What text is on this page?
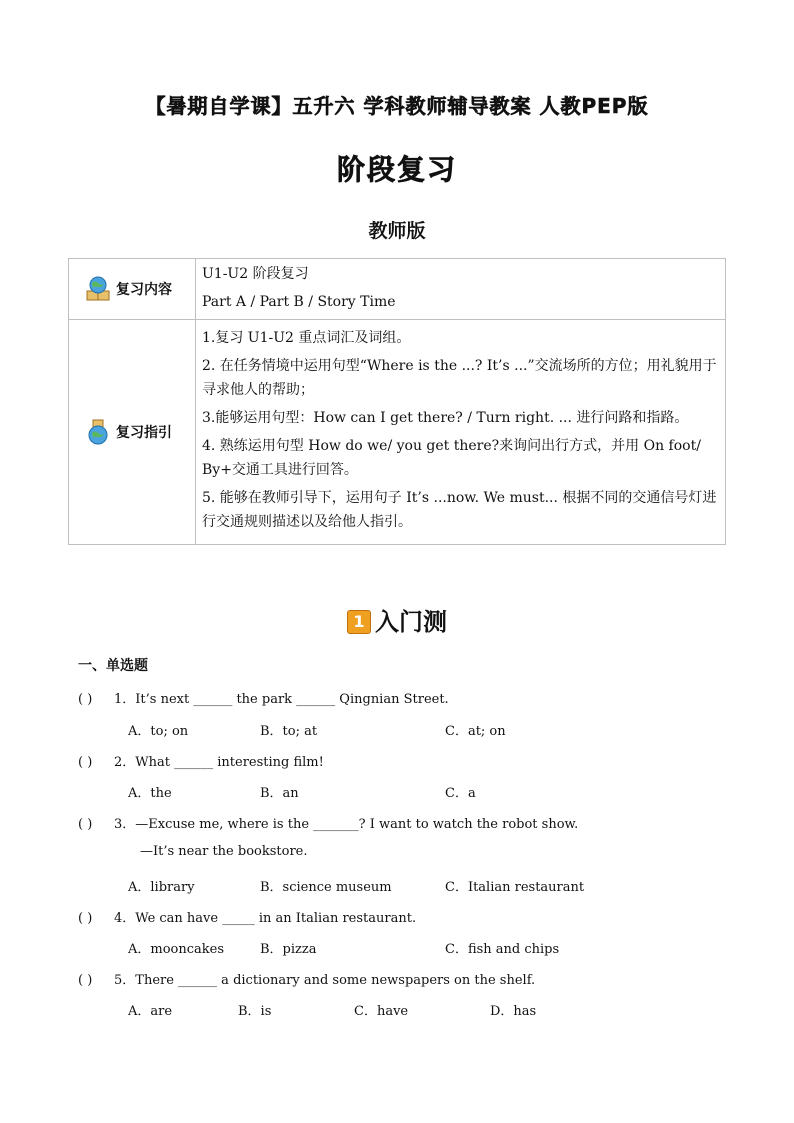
【暑期自学课】五升六 学科教师辅导教案 人教PEP版
阶段复习
教师版
复习内容	U1-U2 阶段复习

Part A / Part B / Story Time

复习指引	1.复习 U1-U2 重点词汇及词组。

2. 在任务情境中运用句型“Where is the ...? It’s ...”交流场所的方位；用礼貌用于寻求他人的帮助；

3.能够运用句型：How can I get there? / Turn right. ... 进行问路和指路。

4. 熟练运用句型 How do we/ you get there?来询问出行方式，并用 On foot/ By+交通工具进行回答。

5. 能够在教师引导下，运用句子 It’s ...now. We must... 根据不同的交通信号灯进行交通规则描述以及给他人指引。

1 入门测
一、单选题
( ) 1．It’s next ______ the park ______ Qingnian Street.
A．to; on	B．to; at	C．at; on
( ) 2．What ______ interesting film!
A．the	B．an	C．a
( ) 3．—Excuse me, where is the _______? I want to watch the robot show.
—It’s near the bookstore.
A．library	B．science museum	C．Italian restaurant
( ) 4．We can have _____ in an Italian restaurant.
A．mooncakes	B．pizza	C．fish and chips
( ) 5．There ______ a dictionary and some newspapers on the shelf.
A．are	B．is	C．have	D．has
